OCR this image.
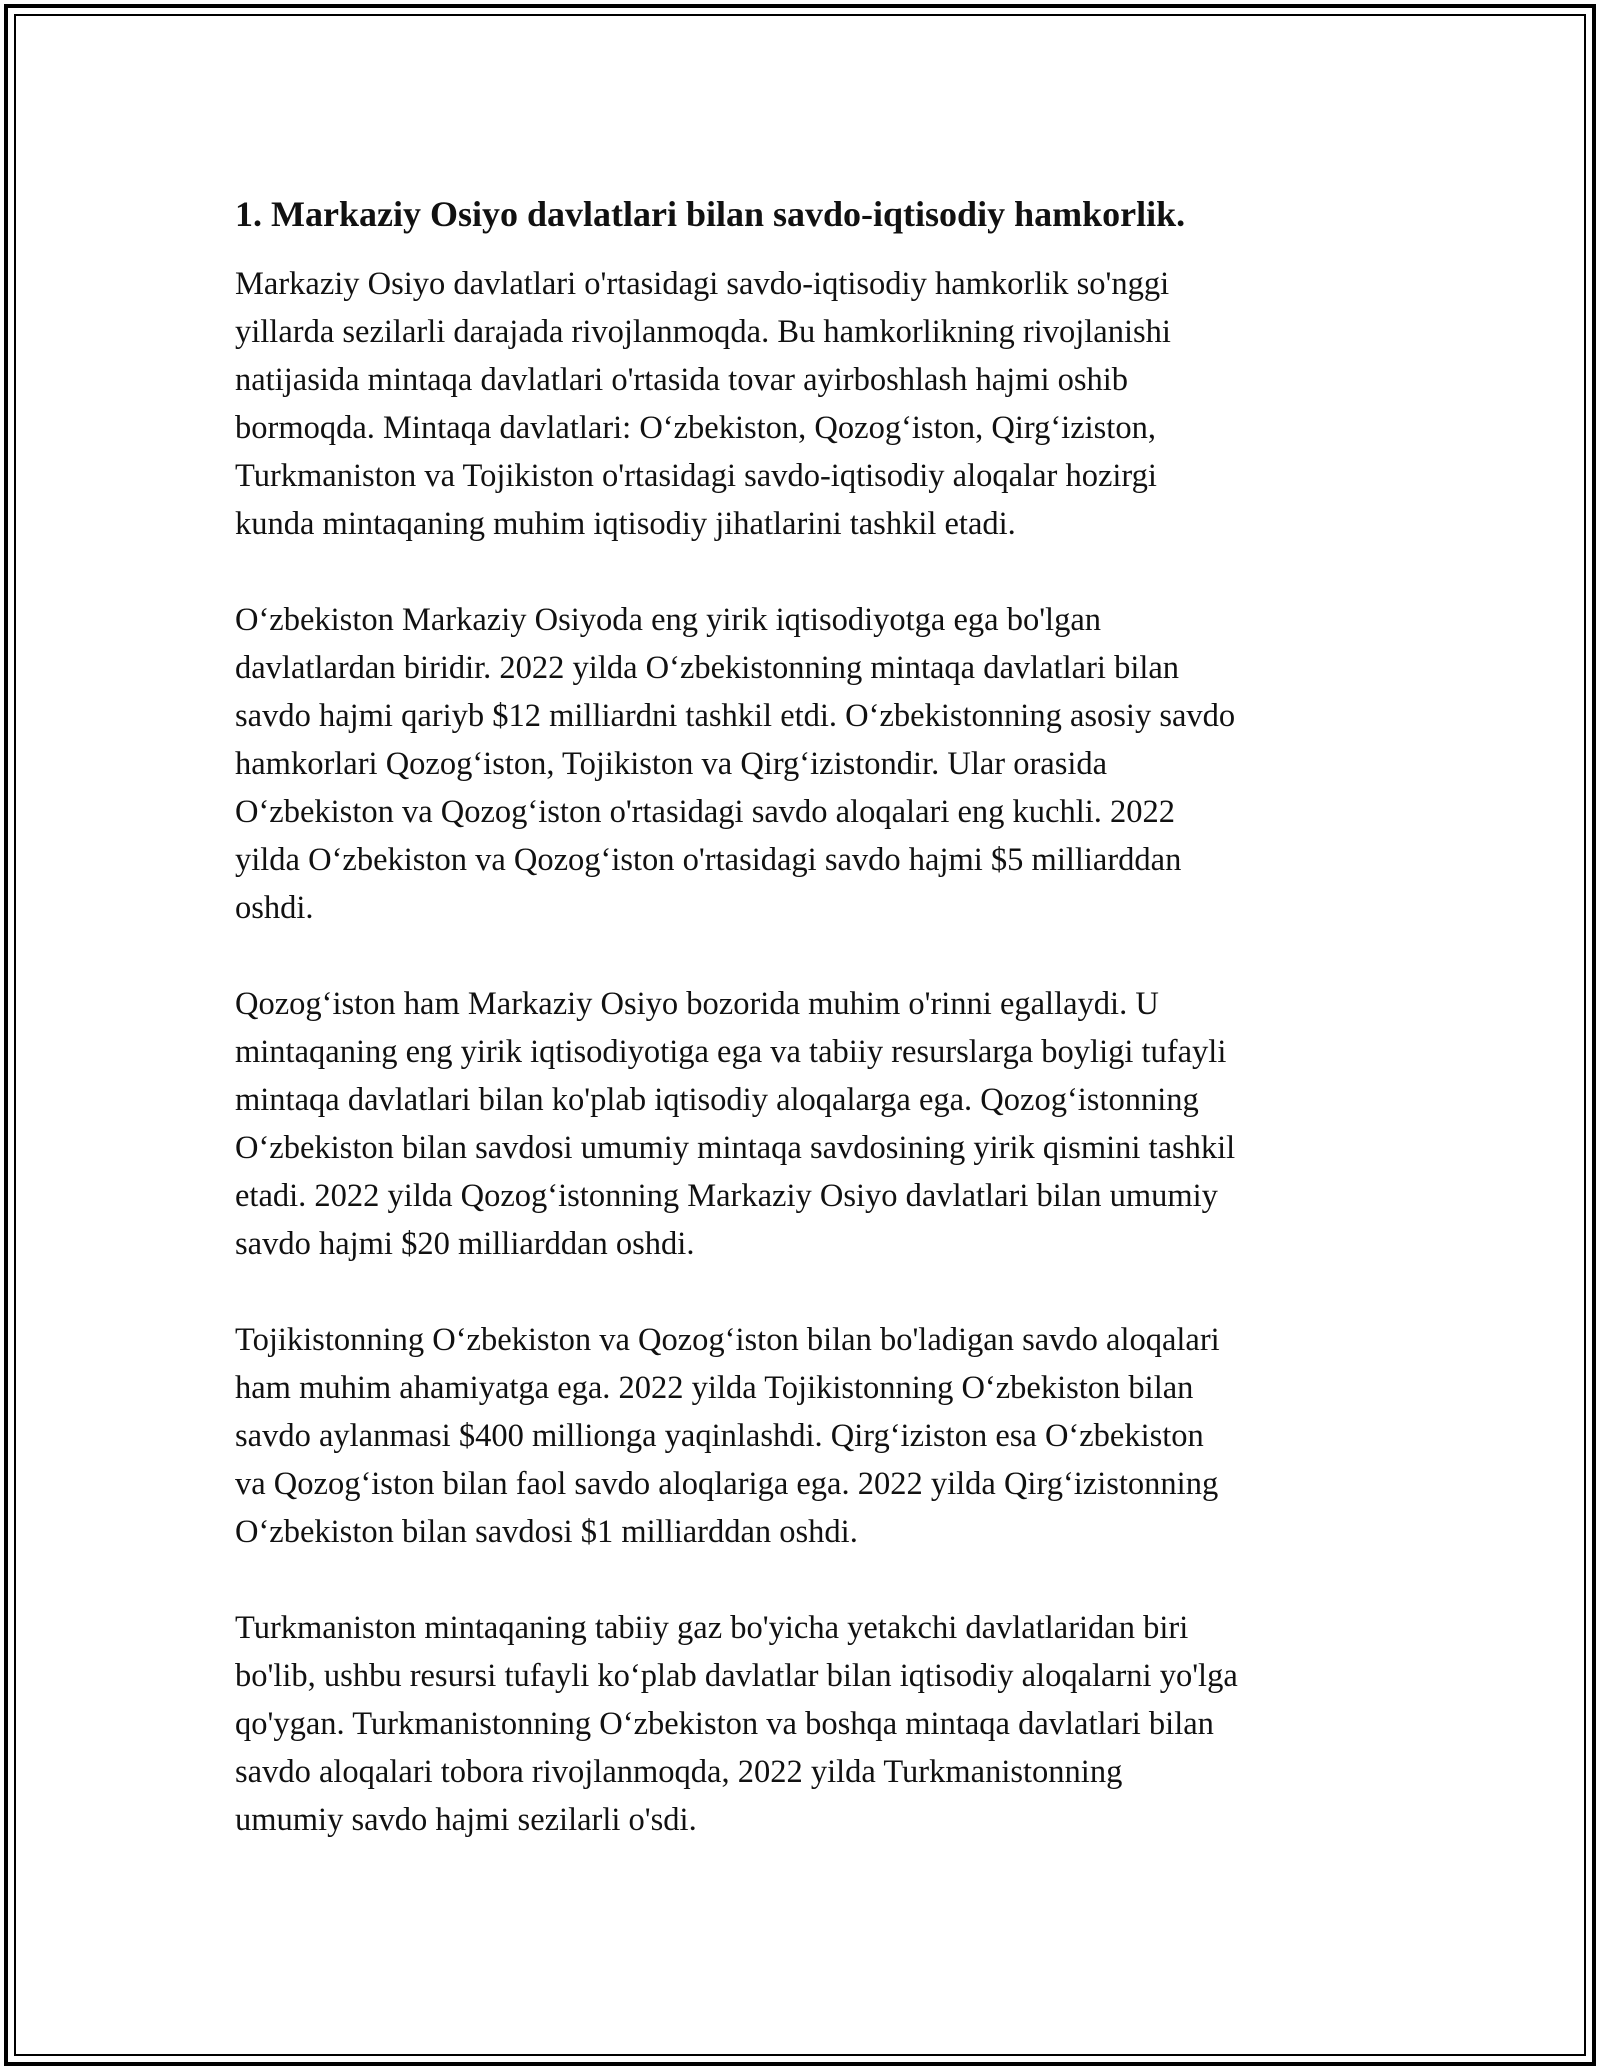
1. Markaziy Osiyo davlatlari bilan savdo-iqtisodiy hamkorlik.

Markaziy Osiyo davlatlari o'rtasidagi savdo-iqtisodiy hamkorlik so'nggi
yillarda sezilarli darajada rivojlanmoqda. Bu hamkorlikning rivojlanishi
natijasida mintaqa davlatlari o'rtasida tovar ayirboshlash hajmi oshib
bormoqda. Mintaqa davlatlari: O‘zbekiston, Qozog‘iston, Qirg‘iziston,
Turkmaniston va Tojikiston o'rtasidagi savdo-iqtisodiy aloqalar hozirgi
kunda mintaqaning muhim iqtisodiy jihatlarini tashkil etadi.

O‘zbekiston Markaziy Osiyoda eng yirik iqtisodiyotga ega bo'lgan
davlatlardan biridir. 2022 yilda O‘zbekistonning mintaqa davlatlari bilan
savdo hajmi qariyb $12 milliardni tashkil etdi. O‘zbekistonning asosiy savdo
hamkorlari Qozog‘iston, Tojikiston va Qirg‘izistondir. Ular orasida
O‘zbekiston va Qozog‘iston o'rtasidagi savdo aloqalari eng kuchli. 2022
yilda O‘zbekiston va Qozog‘iston o'rtasidagi savdo hajmi $5 milliarddan
oshdi.

Qozog‘iston ham Markaziy Osiyo bozorida muhim o'rinni egallaydi. U
mintaqaning eng yirik iqtisodiyotiga ega va tabiiy resurslarga boyligi tufayli
mintaqa davlatlari bilan ko'plab iqtisodiy aloqalarga ega. Qozog‘istonning
O‘zbekiston bilan savdosi umumiy mintaqa savdosining yirik qismini tashkil
etadi. 2022 yilda Qozog‘istonning Markaziy Osiyo davlatlari bilan umumiy
savdo hajmi $20 milliarddan oshdi.

Tojikistonning O‘zbekiston va Qozog‘iston bilan bo'ladigan savdo aloqalari
ham muhim ahamiyatga ega. 2022 yilda Tojikistonning O‘zbekiston bilan
savdo aylanmasi $400 millionga yaqinlashdi. Qirg‘iziston esa O‘zbekiston
va Qozog‘iston bilan faol savdo aloqlariga ega. 2022 yilda Qirg‘izistonning
O‘zbekiston bilan savdosi $1 milliarddan oshdi.

Turkmaniston mintaqaning tabiiy gaz bo'yicha yetakchi davlatlaridan biri
bo'lib, ushbu resursi tufayli ko‘plab davlatlar bilan iqtisodiy aloqalarni yo'lga
qo'ygan. Turkmanistonning O‘zbekiston va boshqa mintaqa davlatlari bilan
savdo aloqalari tobora rivojlanmoqda, 2022 yilda Turkmanistonning
umumiy savdo hajmi sezilarli o'sdi.
